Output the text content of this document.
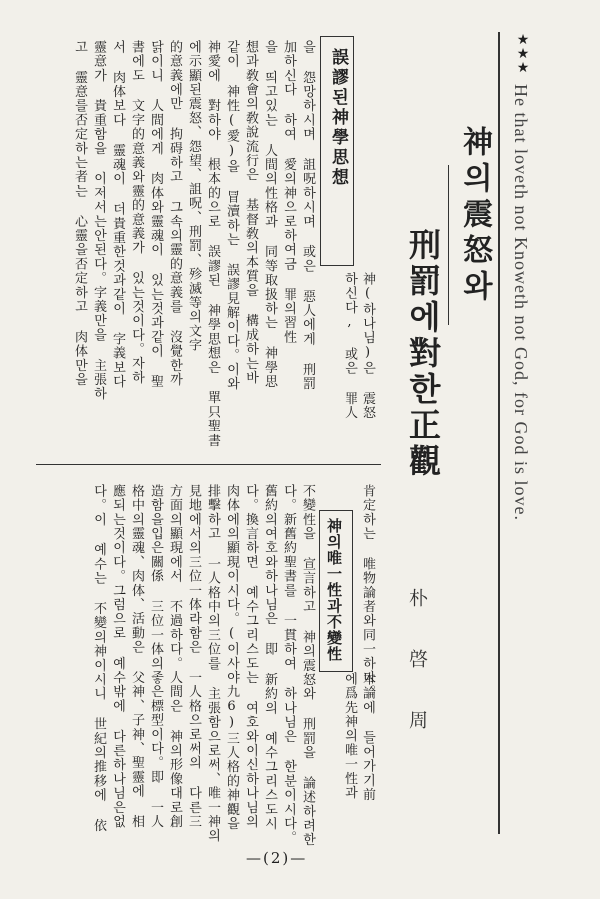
★★★
He that loveth not Knoweth not God, for God is love.
神의震怒와
刑罰에對한正觀
朴啓周
誤謬된神學思想
神(하나님)은 震怒
하신다, 或은 罪人
을 怨망하시며 詛呪하시며 或은 惡人에게 刑罰
加하신다 하여 愛의神으로하여금 罪의習性
을 띄고있는 人間의性格과 同等取扱하는 神學思
想과敎會의敎說流行은 基督敎의本質을 構成하는바
같이 神性(愛)을 冒瀆하는 誤謬見解이다。이와
神愛에 對하야 根本的으로 誤謬된 神學思想은 單只聖書
에示顯된震怒、怨望、詛呪、刑罰、殄滅等의文字
的意義에만 拘碍하고 그속의靈的意義를 沒覺한까
닭이니 人間에게 肉体와靈魂이 있는것과같이 聖
書에도 文字的意義와靈的意義가 있는것이다。자하
서 肉体보다 靈魂이 더貴重한것과같이 字義보다
靈意가 貴重함을 이저서는안된다。字義만을 主張하
고 靈意를否定하는者는 心靈을否定하고 肉体만을
肯定하는 唯物論者와同一하다。
神의唯一性과不變性
本論에 들어가기前
에爲先神의唯一性과
不變性을 宣言하고 神의震怒와 刑罰을 論述하려한
다。新舊約聖書를 一貫하여 하나님은 한분이시다。
舊約의여호와하나님은 即 新約의 예수그리스도시
다。換言하면 예수그리스도는 여호와이신하나님의
肉体에의顯現이시다。(이사야九6)三人格的神觀을
排擊하고 一人格中의三位를 主張함으로써、唯一神의
見地에서의三位一体라함은 一人格으로써의 다른三
方面의顯現에서 不過하다。人間은 神의形像대로創
造함을입은關係 三位一体의좋은標型이다。即 一人
格中의靈魂、肉体、活動은 父神、子神、聖靈에 相
應되는것이다。그럼으로 예수밖에 다른하나님은없
다。이 예수는 不變의神이시니 世紀의推移에 依
—(2)—
